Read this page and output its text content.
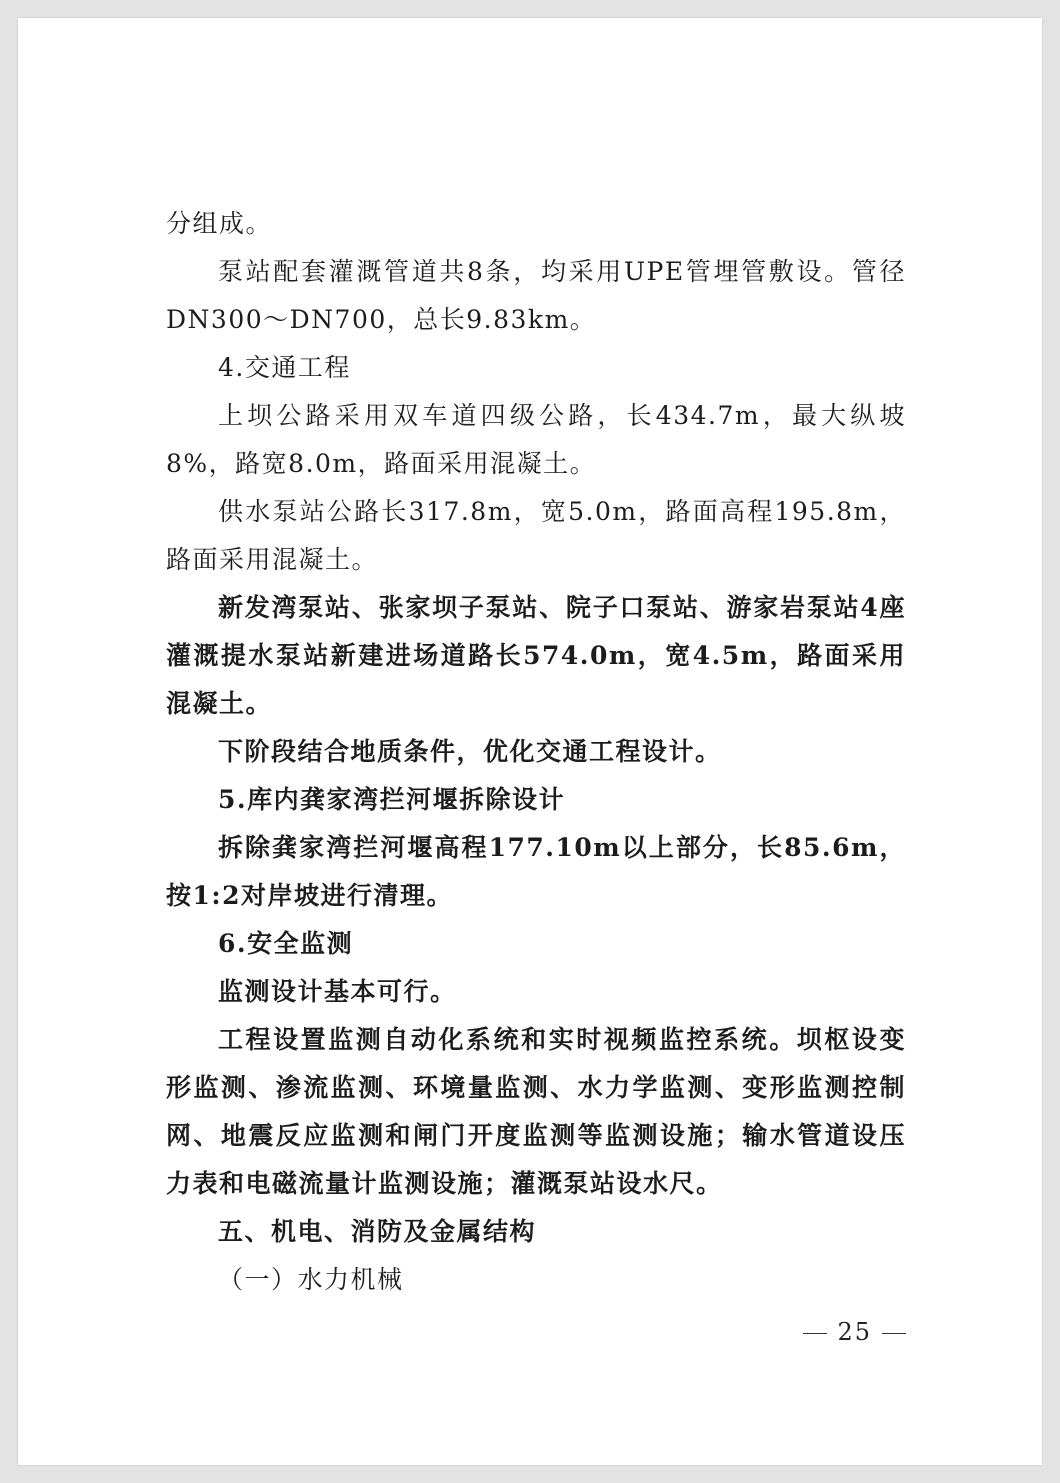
分组成。

泵站配套灌溉管道共8条，均采用UPE管埋管敷设。管径DN300～DN700，总长9.83km。

4.交通工程

上坝公路采用双车道四级公路，长434.7m，最大纵坡8%，路宽8.0m，路面采用混凝土。

供水泵站公路长317.8m，宽5.0m，路面高程195.8m，路面采用混凝土。

新发湾泵站、张家坝子泵站、院子口泵站、游家岩泵站4座灌溉提水泵站新建进场道路长574.0m，宽4.5m，路面采用混凝土。

下阶段结合地质条件，优化交通工程设计。

5.库内龚家湾拦河堰拆除设计

拆除龚家湾拦河堰高程177.10m以上部分，长85.6m，按1:2对岸坡进行清理。

6.安全监测

监测设计基本可行。

工程设置监测自动化系统和实时视频监控系统。坝枢设变形监测、渗流监测、环境量监测、水力学监测、变形监测控制网、地震反应监测和闸门开度监测等监测设施；输水管道设压力表和电磁流量计监测设施；灌溉泵站设水尺。

五、机电、消防及金属结构

（一）水力机械

25
